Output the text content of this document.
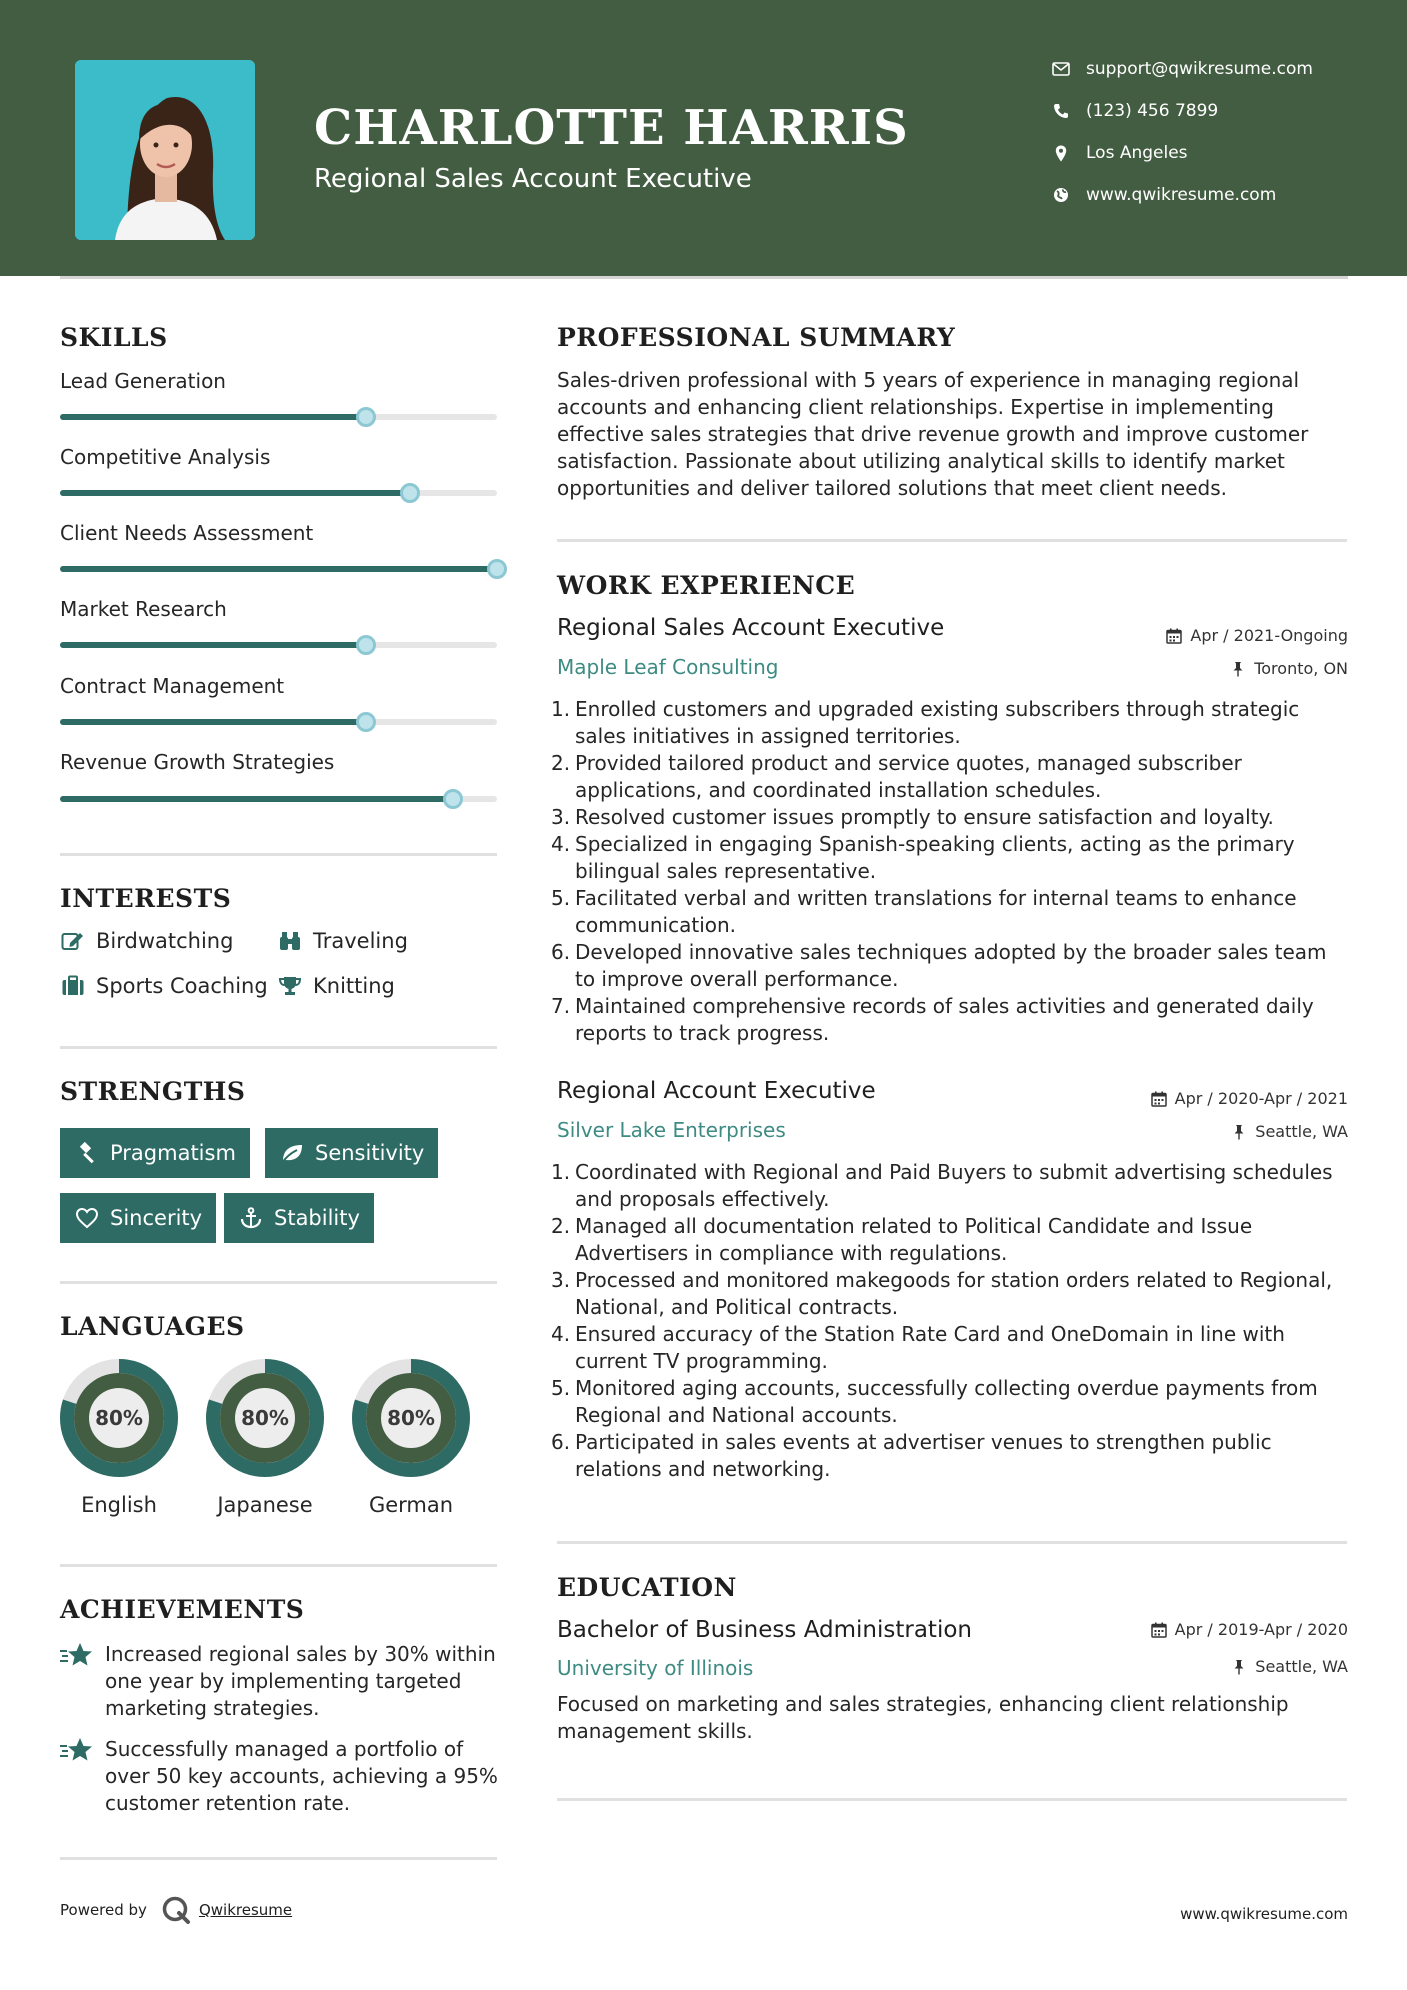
CHARLOTTE HARRIS
Regional Sales Account Executive
support@qwikresume.com
(123) 456 7899
Los Angeles
www.qwikresume.com
SKILLS
Lead Generation
Competitive Analysis
Client Needs Assessment
Market Research
Contract Management
Revenue Growth Strategies
INTERESTS
Birdwatching	Traveling
Sports Coaching Knitting
STRENGTHS
Pragmatism	Sensitivity
Sincerity	Stability
LANGUAGES
80%
English
80%
Japanese
80%
German
ACHIEVEMENTS
Increased regional sales by 30% within one year by implementing targeted marketing strategies.
Successfully managed a portfolio of over 50 key accounts, achieving a 95% customer retention rate.
PROFESSIONAL SUMMARY
Sales-driven professional with 5 years of experience in managing regional accounts and enhancing client relationships. Expertise in implementing effective sales strategies that drive revenue growth and improve customer satisfaction. Passionate about utilizing analytical skills to identify market opportunities and deliver tailored solutions that meet client needs.
WORK EXPERIENCE
Regional Sales Account Executive	Apr / 2021-Ongoing
Maple Leaf Consulting	Toronto, ON
1. Enrolled customers and upgraded existing subscribers through strategic sales initiatives in assigned territories.
2. Provided tailored product and service quotes, managed subscriber applications, and coordinated installation schedules.
3. Resolved customer issues promptly to ensure satisfaction and loyalty.
4. Specialized in engaging Spanish-speaking clients, acting as the primary bilingual sales representative.
5. Facilitated verbal and written translations for internal teams to enhance communication.
6. Developed innovative sales techniques adopted by the broader sales team to improve overall performance.
7. Maintained comprehensive records of sales activities and generated daily reports to track progress.
Regional Account Executive	Apr / 2020-Apr / 2021
Silver Lake Enterprises	Seattle, WA
1. Coordinated with Regional and Paid Buyers to submit advertising schedules and proposals effectively.
2. Managed all documentation related to Political Candidate and Issue Advertisers in compliance with regulations.
3. Processed and monitored makegoods for station orders related to Regional, National, and Political contracts.
4. Ensured accuracy of the Station Rate Card and OneDomain in line with current TV programming.
5. Monitored aging accounts, successfully collecting overdue payments from Regional and National accounts.
6. Participated in sales events at advertiser venues to strengthen public relations and networking.
EDUCATION
Bachelor of Business Administration	Apr / 2019-Apr / 2020
University of Illinois	Seattle, WA
Focused on marketing and sales strategies, enhancing client relationship management skills.
Powered by	Qwikresume	www.qwikresume.com
